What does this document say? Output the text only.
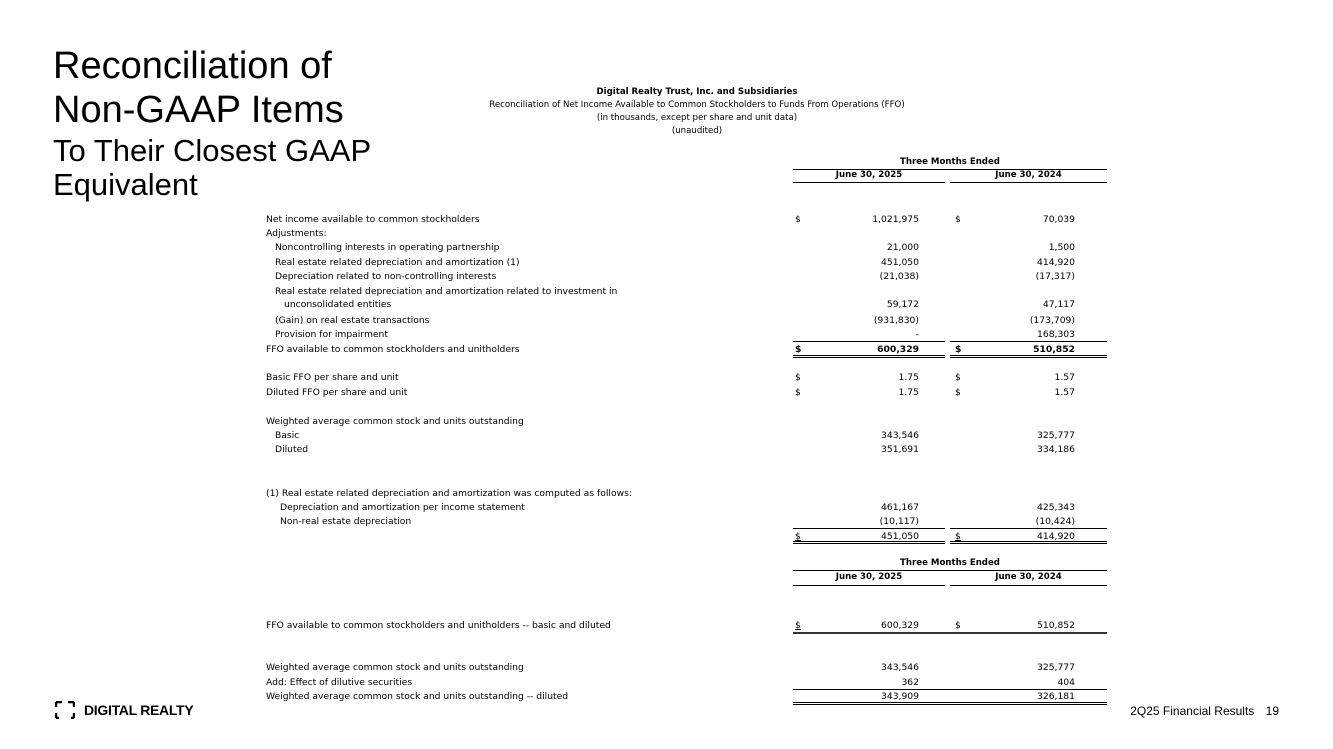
Reconciliation of
Non-GAAP Items
To Their Closest GAAP
Equivalent
Digital Realty Trust, Inc. and Subsidiaries
Reconciliation of Net Income Available to Common Stockholders to Funds From Operations (FFO)
(in thousands, except per share and unit data)
(unaudited)
Three Months Ended
June 30, 2025	June 30, 2024
Net income available to common stockholders	$	1,021,975	$	70,039
Adjustments:
Noncontrolling interests in operating partnership	21,000	1,500
Real estate related depreciation and amortization (1)	451,050	414,920
Depreciation related to non-controlling interests	(21,038)	(17,317)
Real estate related depreciation and amortization related to investment in
unconsolidated entities	59,172	47,117
(Gain) on real estate transactions	(931,830)	(173,709)
Provision for impairment	-	168,303
FFO available to common stockholders and unitholders	$	600,329	$	510,852
Basic FFO per share and unit	$	1.75	$	1.57
Diluted FFO per share and unit	$	1.75	$	1.57
Weighted average common stock and units outstanding
Basic	343,546	325,777
Diluted	351,691	334,186
(1) Real estate related depreciation and amortization was computed as follows:
Depreciation and amortization per income statement	461,167	425,343
Non-real estate depreciation	(10,117)	(10,424)
$	451,050	$	414,920
Three Months Ended
June 30, 2025	June 30, 2024
FFO available to common stockholders and unitholders -- basic and diluted	$	600,329	$	510,852
Weighted average common stock and units outstanding	343,546	325,777
Add: Effect of dilutive securities	362	404
Weighted average common stock and units outstanding -- diluted	343,909	326,181
DIGITAL REALTY	2Q25 Financial Results 19
